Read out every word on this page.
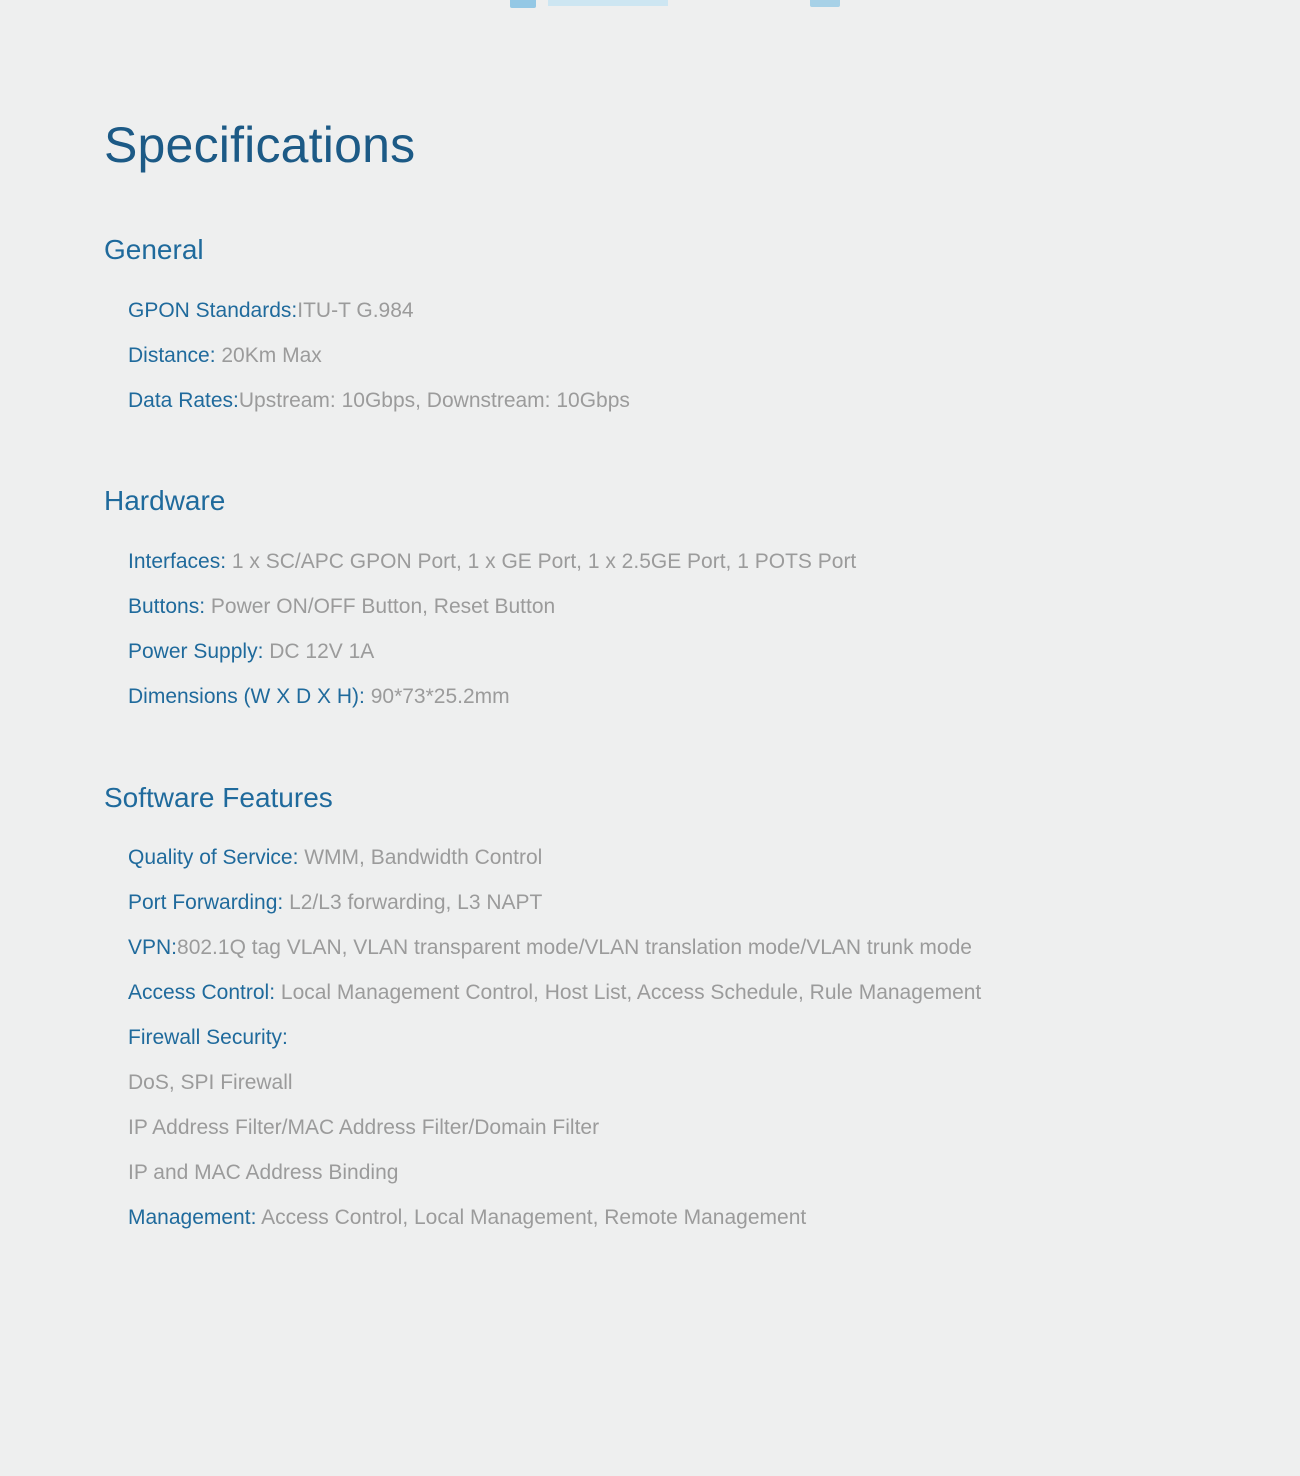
Specifications
General
GPON Standards:ITU-T G.984
Distance: 20Km Max
Data Rates:Upstream: 10Gbps, Downstream: 10Gbps
Hardware
Interfaces: 1 x SC/APC GPON Port, 1 x GE Port, 1 x 2.5GE Port, 1 POTS Port
Buttons: Power ON/OFF Button, Reset Button
Power Supply: DC 12V 1A
Dimensions (W X D X H): 90*73*25.2mm
Software Features
Quality of Service: WMM, Bandwidth Control
Port Forwarding: L2/L3 forwarding, L3 NAPT
VPN:802.1Q tag VLAN, VLAN transparent mode/VLAN translation mode/VLAN trunk mode
Access Control: Local Management Control, Host List, Access Schedule, Rule Management
Firewall Security:
DoS, SPI Firewall
IP Address Filter/MAC Address Filter/Domain Filter
IP and MAC Address Binding
Management: Access Control, Local Management, Remote Management
